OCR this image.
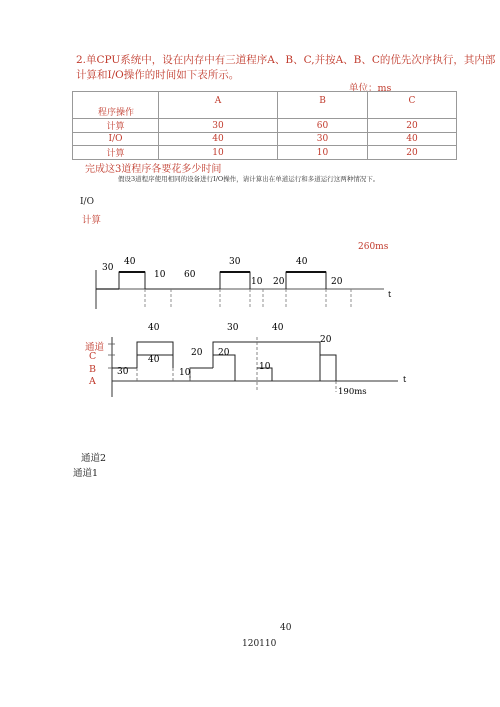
2.单CPU系统中，设在内存中有三道程序A、B、C,并按A、B、C的优先次序执行，其内部
计算和I/O操作的时间如下表所示。
单位：ms
程序操作	A	B	C
计算	30	60	20
I/O	40	30	40
计算	10	10	20
完成这3道程序各要花多少时间
假设3道程序使用相同的设备进行I/O操作，请计算出在单道运行和多道运行这两种情况下。
I/O
计算
260ms
30
40
10 60
30
10 20
40
20
t
40	30	40
40
20 20
20
30	10
10
t
190ms
通道
C
B
A
通道2
通道1
40
120110
